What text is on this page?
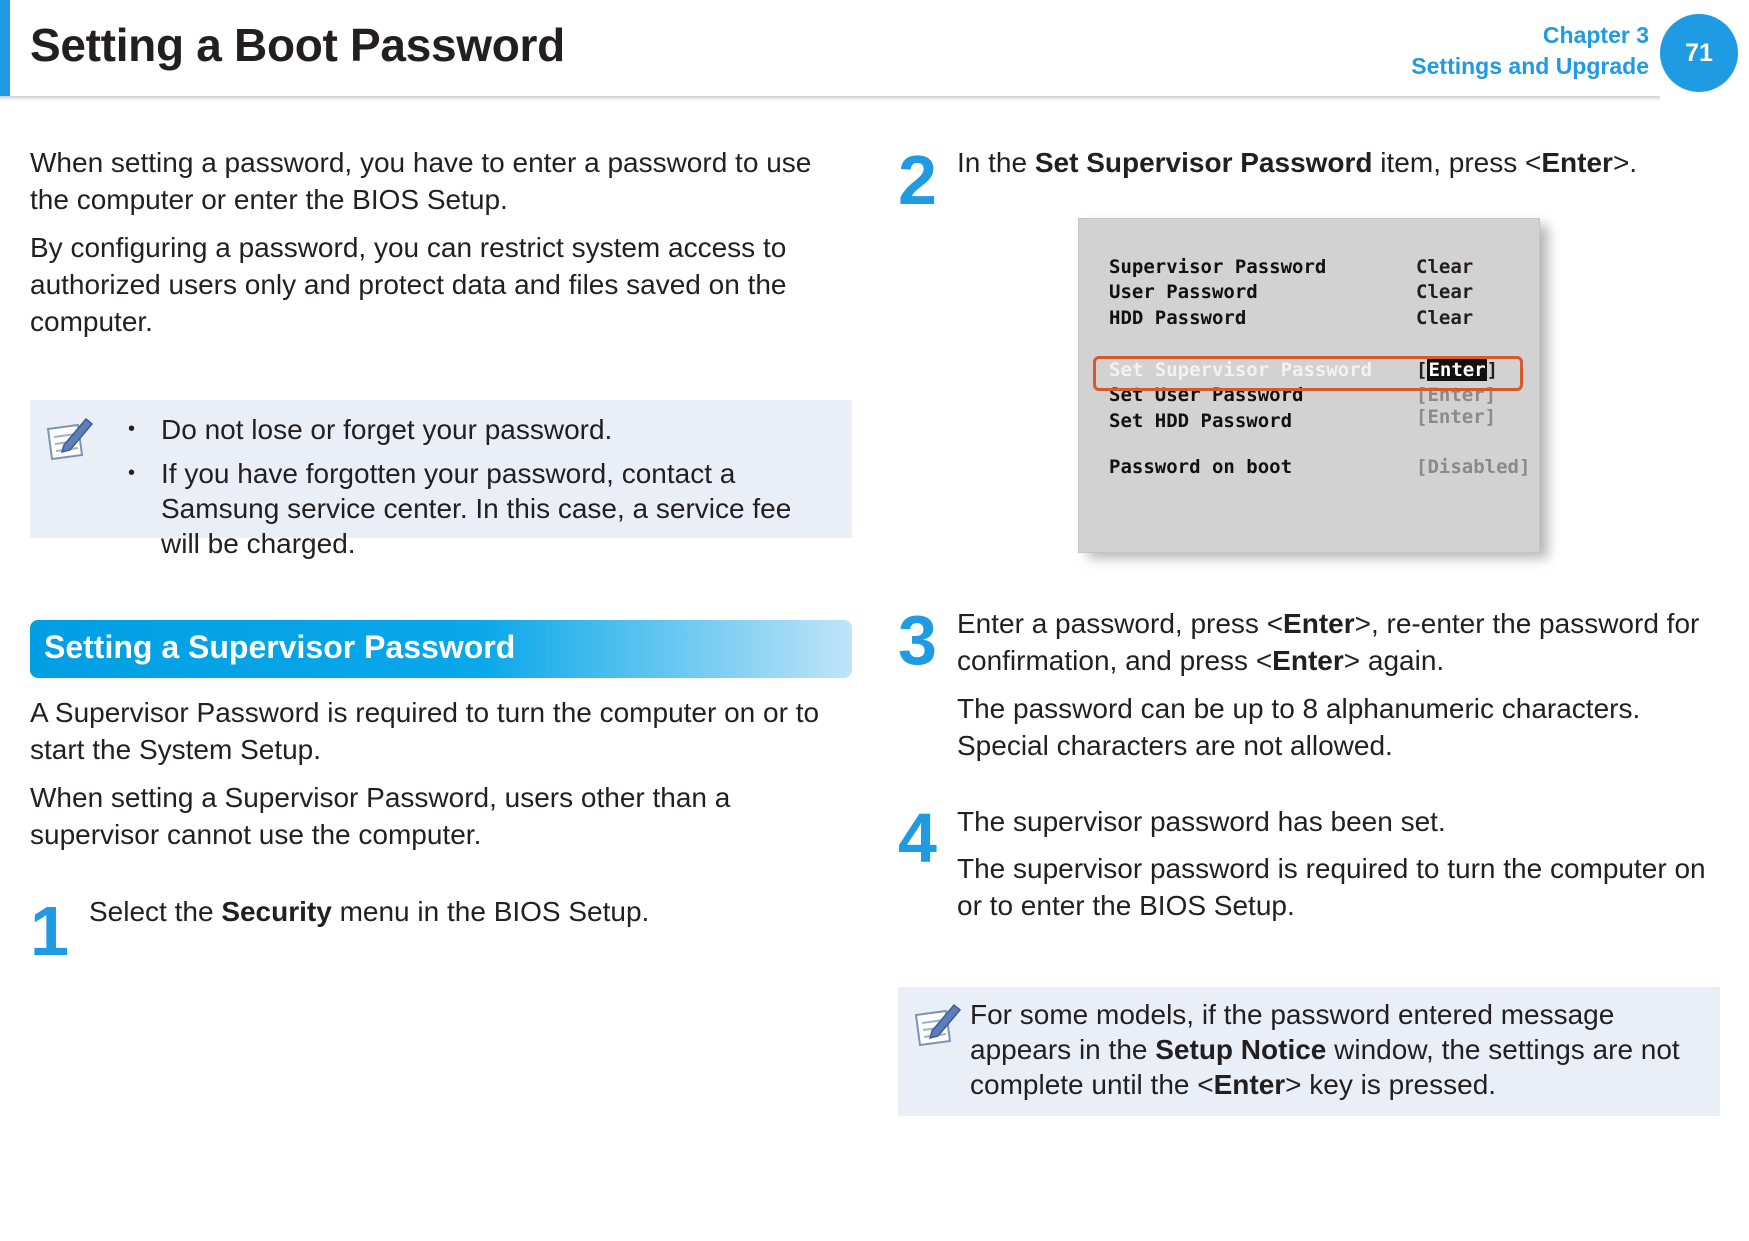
Setting a Boot Password	Chapter 3
Settings and Upgrade	71

When setting a password, you have to enter a password to use the computer or enter the BIOS Setup.

By configuring a password, you can restrict system access to authorized users only and protect data and files saved on the computer.

• Do not lose or forget your password.
• If you have forgotten your password, contact a Samsung service center. In this case, a service fee will be charged.
Setting a Supervisor Password

A Supervisor Password is required to turn the computer on or to start the System Setup.

When setting a Supervisor Password, users other than a supervisor cannot use the computer.

1 Select the Security menu in the BIOS Setup.

2 In the Set Supervisor Password item, press <Enter>.

Supervisor Password	Clear
User Password	Clear
HDD Password	Clear
Set Supervisor Password [Enter]
Set User Password	[Enter]
Set HDD Password	[Enter]
Password on boot	[Disabled]
3 Enter a password, press <Enter>, re-enter the password for confirmation, and press <Enter> again.

The password can be up to 8 alphanumeric characters. Special characters are not allowed.

4 The supervisor password has been set.

The supervisor password is required to turn the computer on or to enter the BIOS Setup.

For some models, if the password entered message appears in the Setup Notice window, the settings are not complete until the <Enter> key is pressed.
